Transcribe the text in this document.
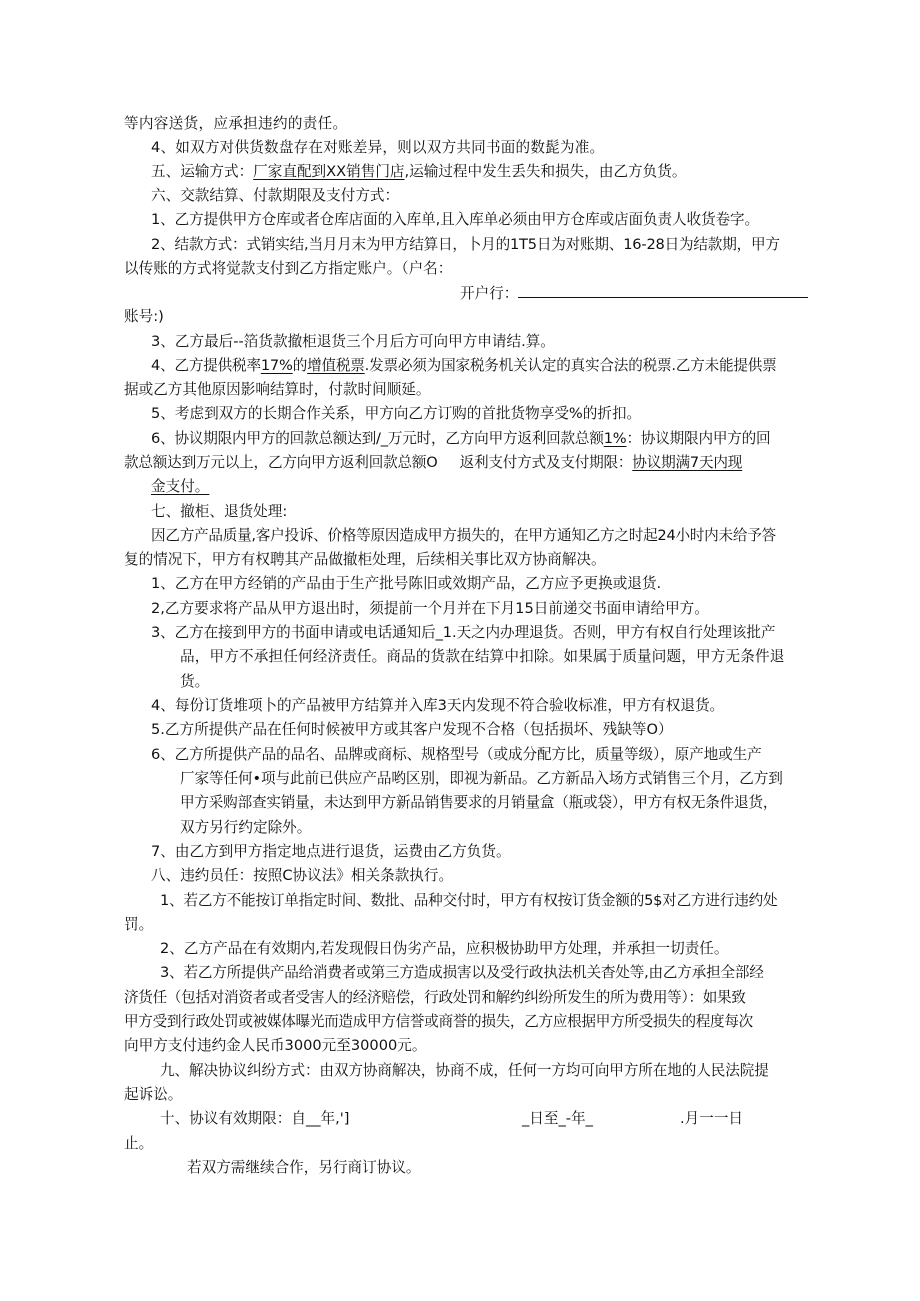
等内容送货，应承担违约的责任。
4、如双方对供货数盘存在对账差异，则以双方共同书面的数髭为准。
五、运输方式：厂家直配到XX销售门店,运输过程中发生丢失和损失，由乙方负货。
六、交款结算、付款期限及支付方式：
1、乙方提供甲方仓库或者仓库店面的入库单,且入库单必须由甲方仓库或店面负责人收货卷字。
2、结款方式：式销实结,当月月末为甲方结算日，卜月的1T5日为对账期、16-28日为结款期，甲方
以传账的方式将觉款支付到乙方指定账户。（户名：
开户行：
账号:)
3、乙方最后--箔货款撤柜退货三个月后方可向甲方申请结.算。
4、乙方提供税率17%的增值税票.发票必须为国家税务机关认定的真实合法的税票.乙方未能提供票
据或乙方其他原因影响结算时，付款时间顺延。
5、考虑到双方的长期合作关系，甲方向乙方订购的首批货物享受%的折扣。
6、协议期限内甲方的回款总额达到/_万元时，乙方向甲方返利回款总额1%：协议期限内甲方的回
款总额达到万元以上，乙方向甲方返利回款总额O 返利支付方式及支付期限：协议期满7天内现
金支付。
七、撤柜、退货处理:
因乙方产品质量,客户投诉、价格等原因造成甲方损失的，在甲方通知乙方之时起24小时内未给予答
复的情况下，甲方有权聘其产品做撤柜处理，后续相关事比双方协商解决。
1、乙方在甲方经销的产品由于生产批号陈旧或效期产品，乙方应予更换或退货.
2,乙方要求将产品从甲方退出时，须提前一个月并在下月15日前递交书面申请给甲方。
3、乙方在接到甲方的书面申请或电话通知后_1.天之内办理退货。否则，甲方有权自行处理该批产
品，甲方不承担任何经济责任。商品的货款在结算中扣除。如果属于质量问题，甲方无条件退
货。
4、每份订货堆项卜的产品被甲方结算并入库3天内发现不符合验收标准，甲方有权退货。
5.乙方所提供产品在任何时候被甲方或其客户发现不合格（包括损坏、残缺等O）
6、乙方所提供产品的品名、品牌或商标、规格型号（或成分配方比，质量等级），原产地或生产
厂家等任何•项与此前已供应产品哟区别，即视为新品。乙方新品入场方式销售三个月，乙方到
甲方采购部查实销量，未达到甲方新品销售要求的月销量盒（瓶或袋），甲方有权无条件退货，
双方另行约定除外。
7、由乙方到甲方指定地点进行退货，运费由乙方负货。
八、违约员任：按照C协议法》相关条款执行。
1、若乙方不能按订单指定时间、数批、品种交付时，甲方有权按订货金额的5$对乙方进行违约处
罚。
2、乙方产品在有效期内,若发现假日伪劣产品，应积极协助甲方处理，并承担一切责任。
3、若乙方所提供产品给消费者或第三方造成损害以及受行政执法机关杳处等,由乙方承担全部经
济货任（包括对消资者或者受害人的经济赔偿，行政处罚和解约纠纷所发生的所为费用等）：如果致
甲方受到行政处罚或被媒体曝光而造成甲方信誉或商誉的损失，乙方应根据甲方所受损失的程度每次
向甲方支付违约金人民币3000元至30000元。
九、解决协议纠纷方式：由双方协商解决，协商不成，任何一方均可向甲方所在地的人民法院提
起诉讼。
十、协议有效期限：自__年,']	_日至_-年_	.月一一日
止。
若双方需继续合作，另行商订协议。
